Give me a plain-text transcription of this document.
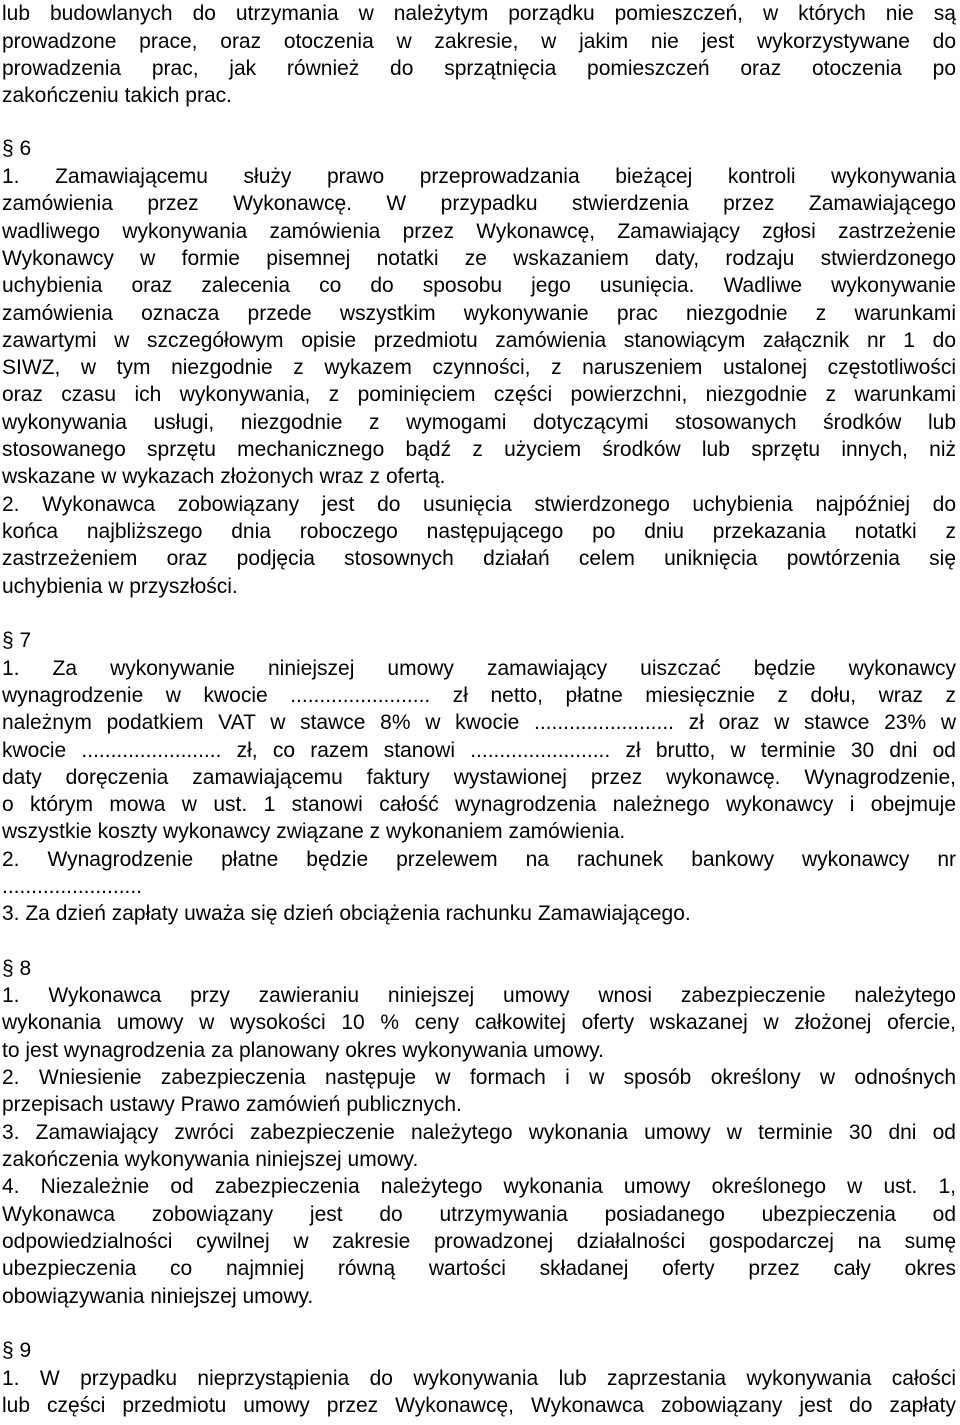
lub budowlanych do utrzymania w należytym porządku pomieszczeń, w których nie są
prowadzone prace, oraz otoczenia w zakresie, w jakim nie jest wykorzystywane do
prowadzenia prac, jak również do sprzątnięcia pomieszczeń oraz otoczenia po
zakończeniu takich prac.
§ 6
1. Zamawiającemu służy prawo przeprowadzania bieżącej kontroli wykonywania
zamówienia przez Wykonawcę. W przypadku stwierdzenia przez Zamawiającego
wadliwego wykonywania zamówienia przez Wykonawcę, Zamawiający zgłosi zastrzeżenie
Wykonawcy w formie pisemnej notatki ze wskazaniem daty, rodzaju stwierdzonego
uchybienia oraz zalecenia co do sposobu jego usunięcia. Wadliwe wykonywanie
zamówienia oznacza przede wszystkim wykonywanie prac niezgodnie z warunkami
zawartymi w szczegółowym opisie przedmiotu zamówienia stanowiącym załącznik nr 1 do
SIWZ, w tym niezgodnie z wykazem czynności, z naruszeniem ustalonej częstotliwości
oraz czasu ich wykonywania, z pominięciem części powierzchni, niezgodnie z warunkami
wykonywania usługi, niezgodnie z wymogami dotyczącymi stosowanych środków lub
stosowanego sprzętu mechanicznego bądź z użyciem środków lub sprzętu innych, niż
wskazane w wykazach złożonych wraz z ofertą.
2. Wykonawca zobowiązany jest do usunięcia stwierdzonego uchybienia najpóźniej do
końca najbliższego dnia roboczego następującego po dniu przekazania notatki z
zastrzeżeniem oraz podjęcia stosownych działań celem uniknięcia powtórzenia się
uchybienia w przyszłości.
§ 7
1. Za wykonywanie niniejszej umowy zamawiający uiszczać będzie wykonawcy
wynagrodzenie w kwocie ........................ zł netto, płatne miesięcznie z dołu, wraz z
należnym podatkiem VAT w stawce 8% w kwocie ........................ zł oraz w stawce 23% w
kwocie ........................ zł, co razem stanowi ........................ zł brutto, w terminie 30 dni od
daty doręczenia zamawiającemu faktury wystawionej przez wykonawcę. Wynagrodzenie,
o którym mowa w ust. 1 stanowi całość wynagrodzenia należnego wykonawcy i obejmuje
wszystkie koszty wykonawcy związane z wykonaniem zamówienia.
2. Wynagrodzenie płatne będzie przelewem na rachunek bankowy wykonawcy nr
........................
3. Za dzień zapłaty uważa się dzień obciążenia rachunku Zamawiającego.
§ 8
1. Wykonawca przy zawieraniu niniejszej umowy wnosi zabezpieczenie należytego
wykonania umowy w wysokości 10 % ceny całkowitej oferty wskazanej w złożonej ofercie,
to jest wynagrodzenia za planowany okres wykonywania umowy.
2. Wniesienie zabezpieczenia następuje w formach i w sposób określony w odnośnych
przepisach ustawy Prawo zamówień publicznych.
3. Zamawiający zwróci zabezpieczenie należytego wykonania umowy w terminie 30 dni od
zakończenia wykonywania niniejszej umowy.
4. Niezależnie od zabezpieczenia należytego wykonania umowy określonego w ust. 1,
Wykonawca zobowiązany jest do utrzymywania posiadanego ubezpieczenia od
odpowiedzialności cywilnej w zakresie prowadzonej działalności gospodarczej na sumę
ubezpieczenia co najmniej równą wartości składanej oferty przez cały okres
obowiązywania niniejszej umowy.
§ 9
1. W przypadku nieprzystąpienia do wykonywania lub zaprzestania wykonywania całości
lub części przedmiotu umowy przez Wykonawcę, Wykonawca zobowiązany jest do zapłaty
